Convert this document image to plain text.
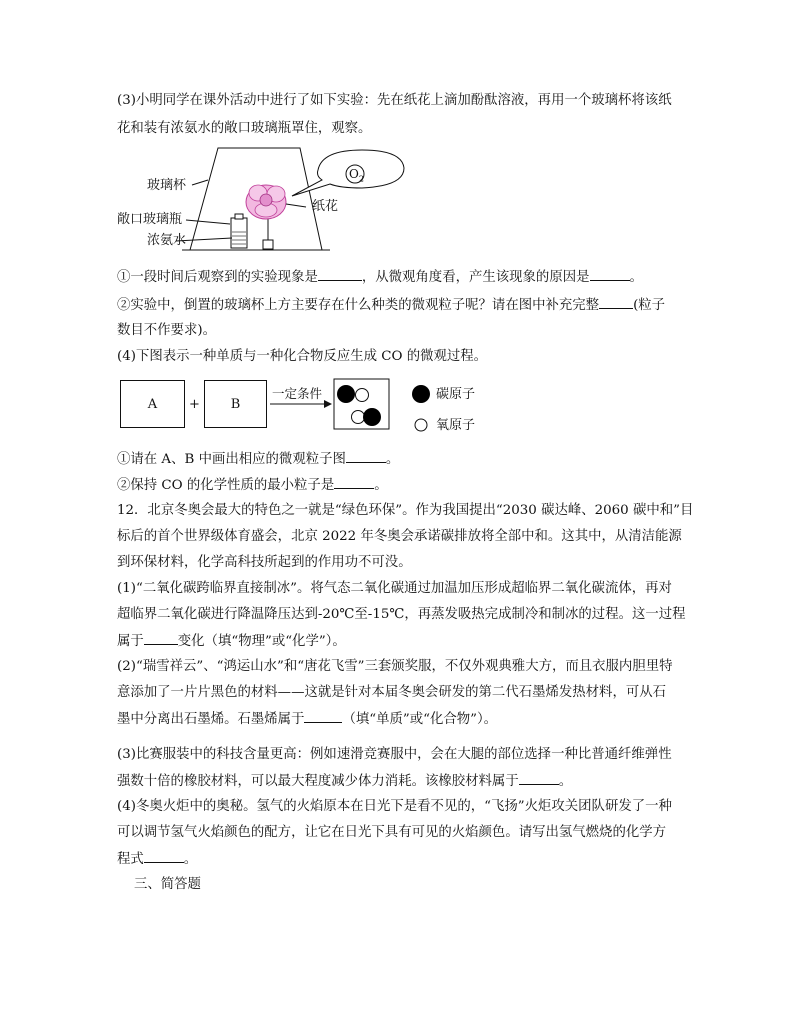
(3)小明同学在课外活动中进行了如下实验：先在纸花上滴加酚酞溶液，再用一个玻璃杯将该纸
花和装有浓氨水的敞口玻璃瓶罩住，观察。
$O_2$
玻璃杯
敞口玻璃瓶
浓氨水
纸花
①一段时间后观察到的实验现象是	，从微观角度看，产生该现象的原因是	。
②实验中，倒置的玻璃杯上方主要存在什么种类的微观粒子呢？请在图中补充完整	(粒子
数目不作要求)。
(4)下图表示一种单质与一种化合物反应生成 CO 的微观过程。
A + B
一定条件	碳原子
氧原子
①请在 A、B 中画出相应的微观粒子图	。
②保持 CO 的化学性质的最小粒子是	。
12．北京冬奥会最大的特色之一就是“绿色环保”。作为我国提出“2030 碳达峰、2060 碳中和”目
标后的首个世界级体育盛会，北京 2022 年冬奥会承诺碳排放将全部中和。这其中，从清洁能源
到环保材料，化学高科技所起到的作用功不可没。
(1)“二氧化碳跨临界直接制冰”。将气态二氧化碳通过加温加压形成超临界二氧化碳流体，再对
超临界二氧化碳进行降温降压达到-20℃至-15℃，再蒸发吸热完成制冷和制冰的过程。这一过程
属于	变化（填“物理”或“化学”）。
(2)“瑞雪祥云”、“鸿运山水”和“唐花飞雪”三套颁奖服，不仅外观典雅大方，而且衣服内胆里特
意添加了一片片黑色的材料——这就是针对本届冬奥会研发的第二代石墨烯发热材料，可从石
墨中分离出石墨烯。石墨烯属于	（填“单质”或“化合物”）。
(3)比赛服装中的科技含量更高：例如速滑竞赛服中，会在大腿的部位选择一种比普通纤维弹性
强数十倍的橡胶材料，可以最大程度减少体力消耗。该橡胶材料属于	。
(4)冬奥火炬中的奥秘。氢气的火焰原本在日光下是看不见的，“飞扬”火炬攻关团队研发了一种
可以调节氢气火焰颜色的配方，让它在日光下具有可见的火焰颜色。请写出氢气燃烧的化学方
程式	。
三、简答题
